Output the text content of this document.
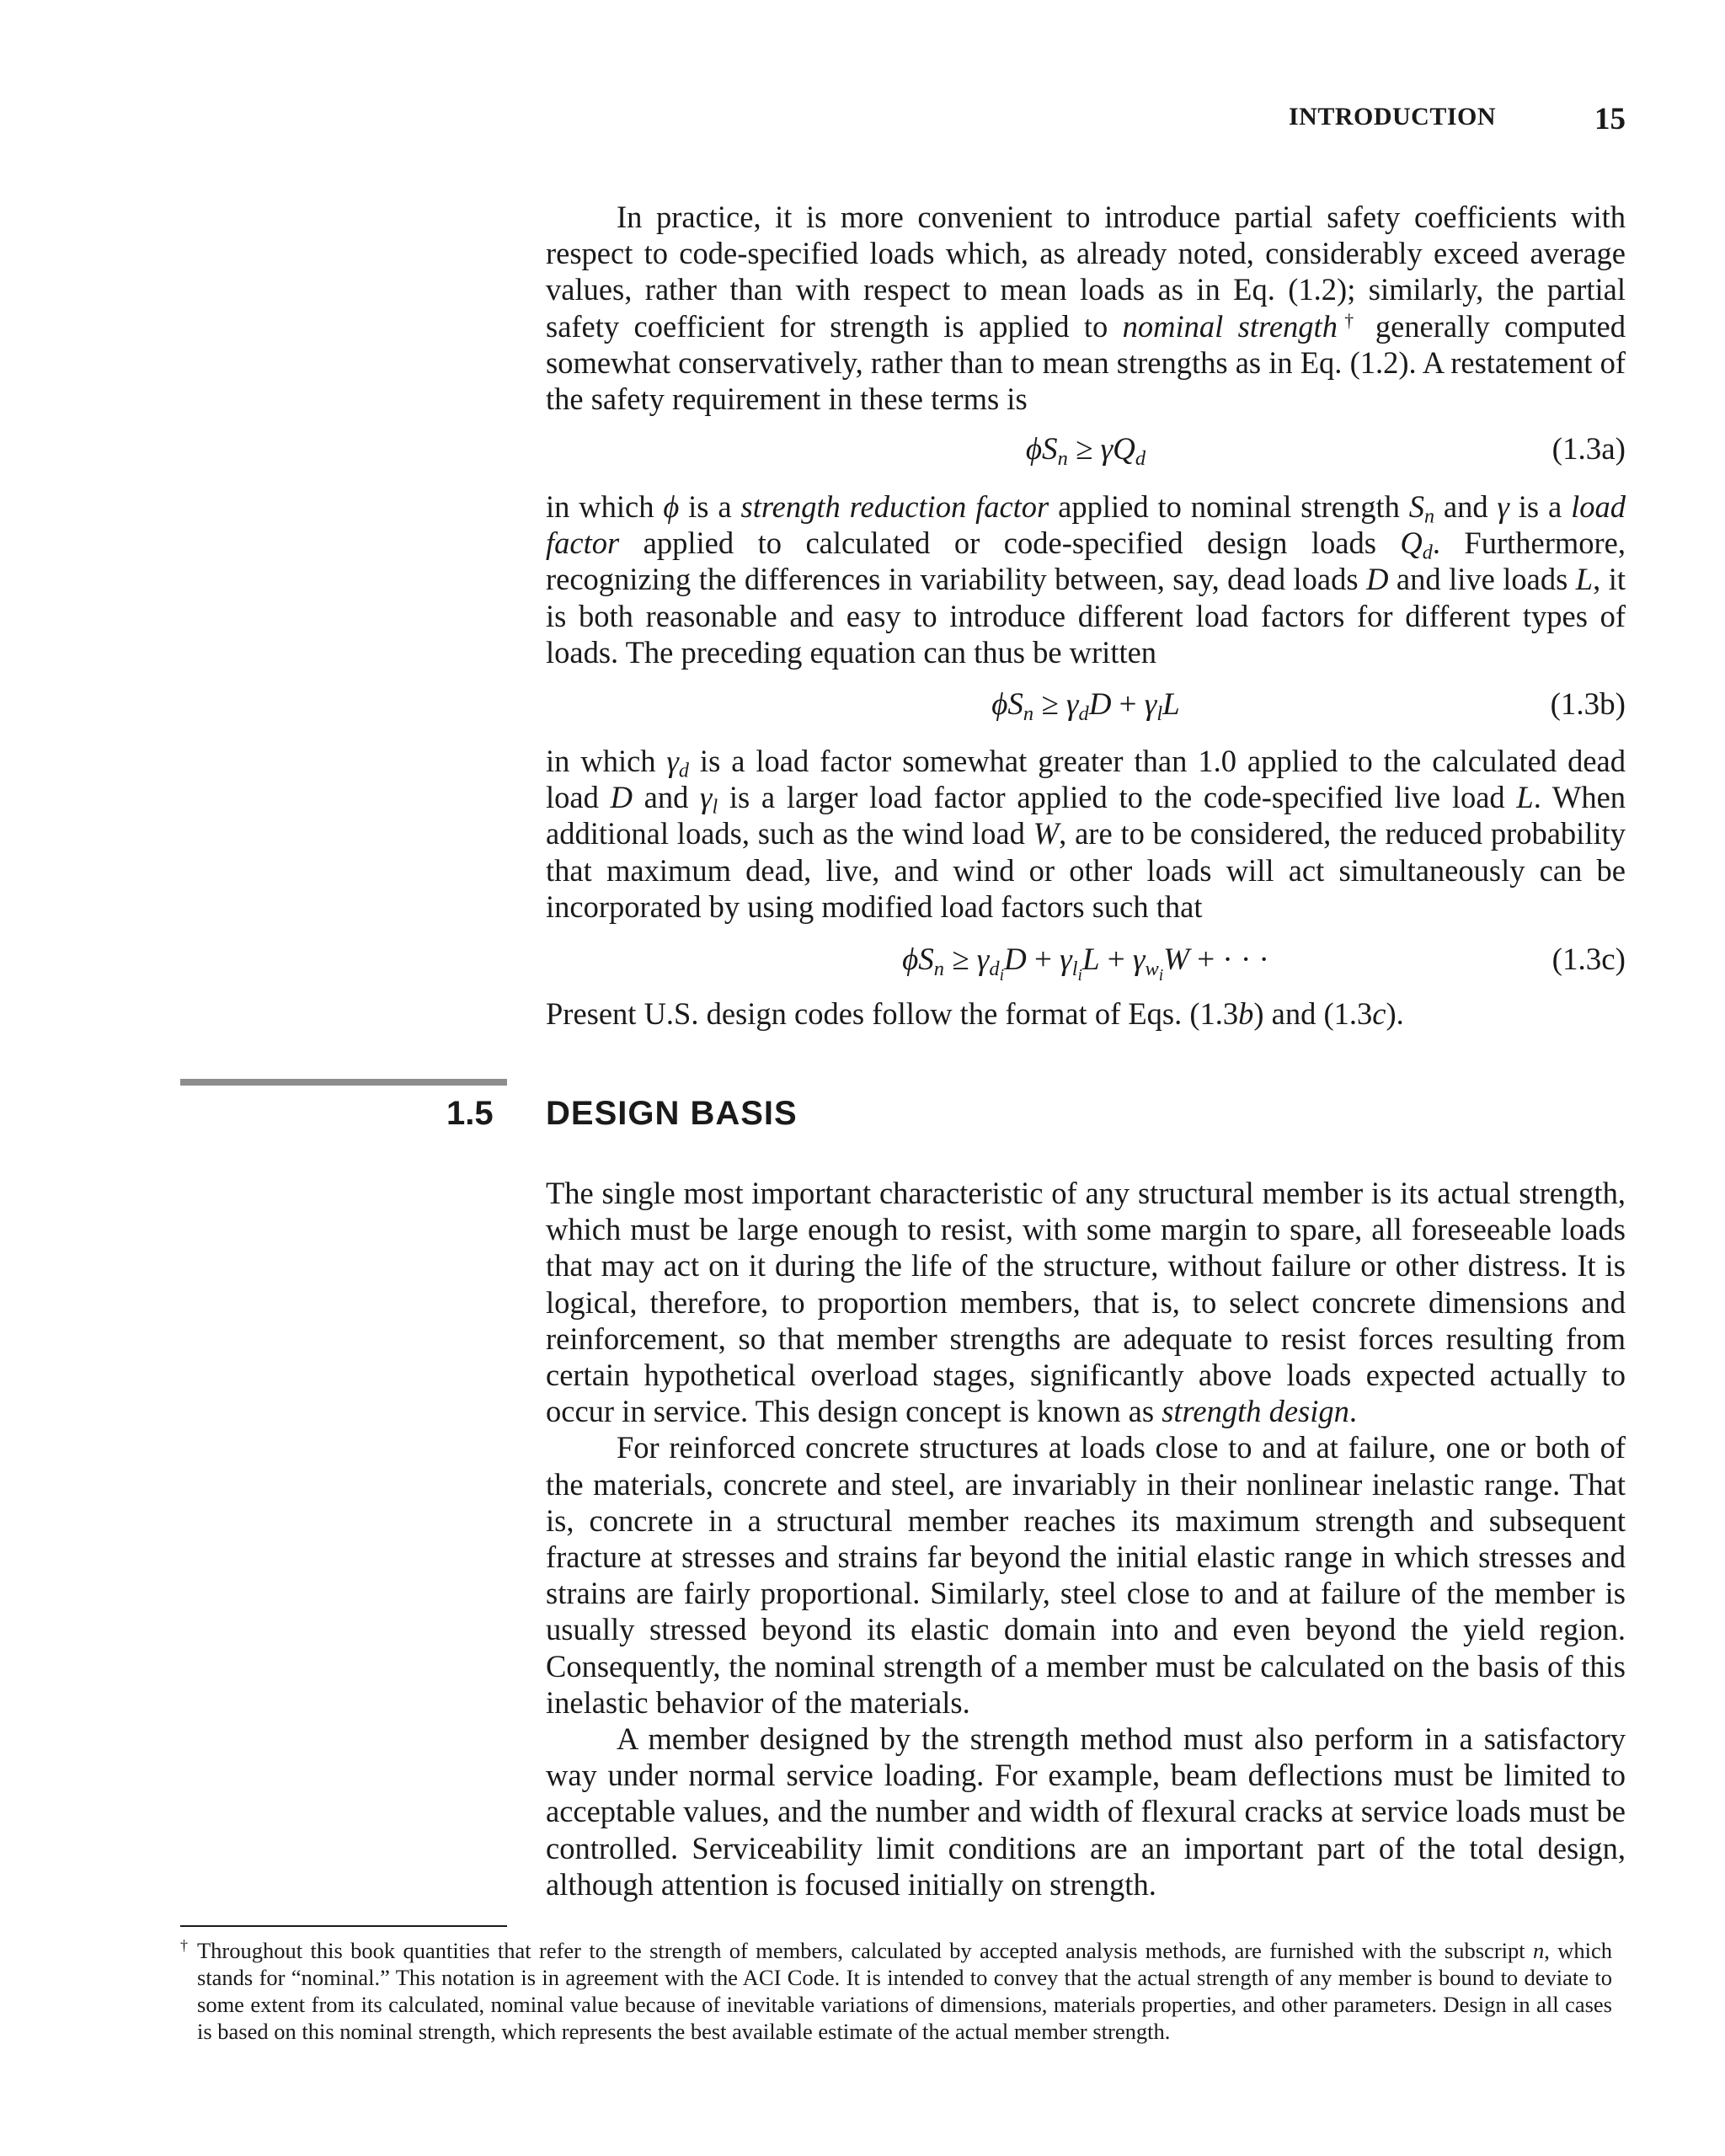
INTRODUCTION	15

In practice, it is more convenient to introduce partial safety coefficients with respect to code-specified loads which, as already noted, considerably exceed average values, rather than with respect to mean loads as in Eq. (1.2); similarly, the partial safety coefficient for strength is applied to nominal strength† generally computed somewhat conservatively, rather than to mean strengths as in Eq. (1.2). A restatement of the safety requirement in these terms is

$\phi S_n \ge \gamma Q_d$	(1.3a)

in which ϕ is a strength reduction factor applied to nominal strength $S_n$ and γ is a load factor applied to calculated or code-specified design loads $Q_d$. Furthermore, recognizing the differences in variability between, say, dead loads D and live loads L, it is both reasonable and easy to introduce different load factors for different types of loads. The preceding equation can thus be written

$\phi S_n \ge \gamma_dD + \gamma_lL$	(1.3b)

in which $\gamma_d$ is a load factor somewhat greater than 1.0 applied to the calculated dead load D and $\gamma_l$ is a larger load factor applied to the code-specified live load L. When additional loads, such as the wind load W, are to be considered, the reduced probability that maximum dead, live, and wind or other loads will act simultaneously can be incorporated by using modified load factors such that

$\phi S_n \ge \gamma_{d_i}D + \gamma_{l_i}L + \gamma_{w_i}W$ + · · ·	(1.3c)

Present U.S. design codes follow the format of Eqs. (1.3b) and (1.3c).

1.5 DESIGN BASIS

The single most important characteristic of any structural member is its actual strength, which must be large enough to resist, with some margin to spare, all foreseeable loads that may act on it during the life of the structure, without failure or other distress. It is logical, therefore, to proportion members, that is, to select concrete dimensions and reinforcement, so that member strengths are adequate to resist forces resulting from certain hypothetical overload stages, significantly above loads expected actually to occur in service. This design concept is known as strength design.

For reinforced concrete structures at loads close to and at failure, one or both of the materials, concrete and steel, are invariably in their nonlinear inelastic range. That is, concrete in a structural member reaches its maximum strength and subsequent fracture at stresses and strains far beyond the initial elastic range in which stresses and strains are fairly proportional. Similarly, steel close to and at failure of the member is usually stressed beyond its elastic domain into and even beyond the yield region. Consequently, the nominal strength of a member must be calculated on the basis of this inelastic behavior of the materials.

A member designed by the strength method must also perform in a satisfactory way under normal service loading. For example, beam deflections must be limited to acceptable values, and the number and width of flexural cracks at service loads must be controlled. Serviceability limit conditions are an important part of the total design, although attention is focused initially on strength.

† Throughout this book quantities that refer to the strength of members, calculated by accepted analysis methods, are furnished with the subscript n, which stands for “nominal.” This notation is in agreement with the ACI Code. It is intended to convey that the actual strength of any member is bound to deviate to some extent from its calculated, nominal value because of inevitable variations of dimensions, materials properties, and other parameters. Design in all cases is based on this nominal strength, which represents the best available estimate of the actual member strength.
